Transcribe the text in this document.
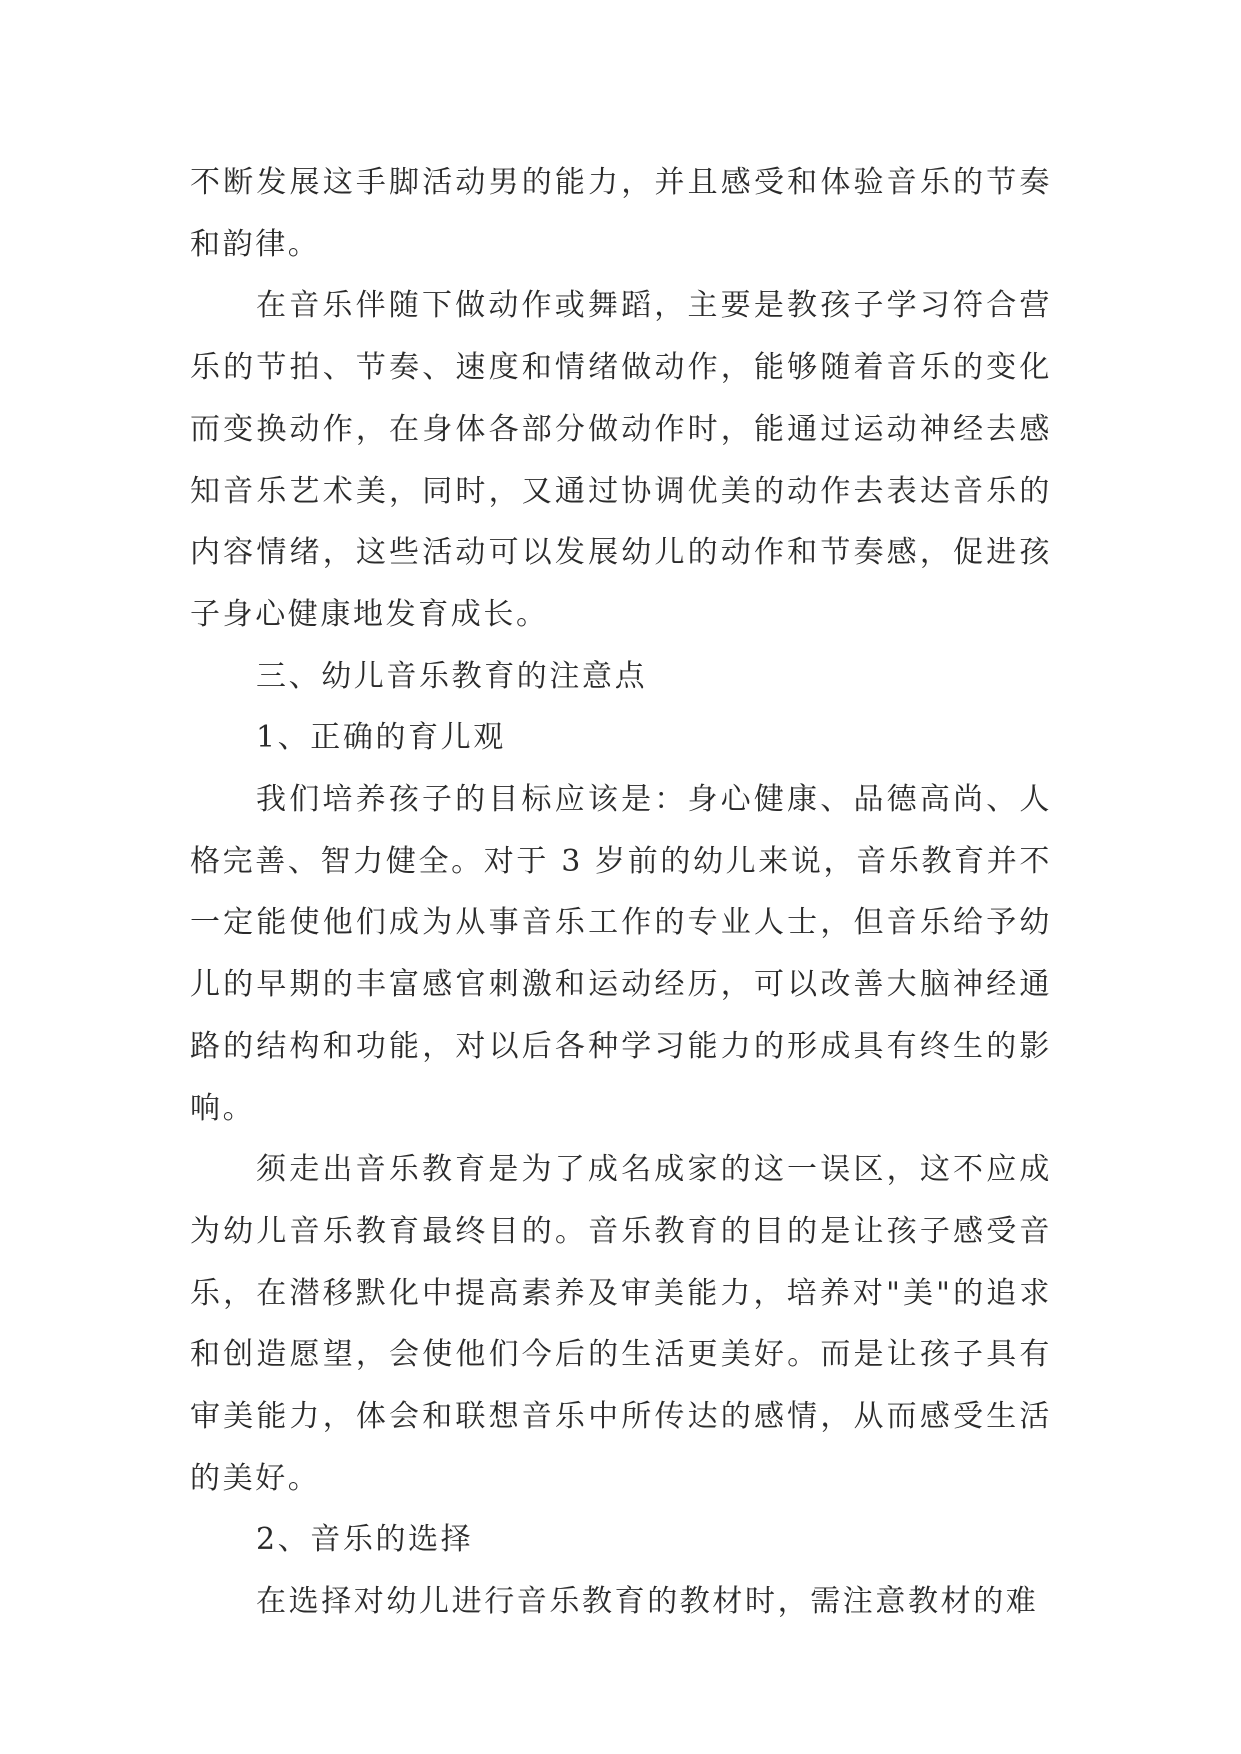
不断发展这手脚活动男的能力，并且感受和体验音乐的节奏和韵律。

在音乐伴随下做动作或舞蹈，主要是教孩子学习符合营乐的节拍、节奏、速度和情绪做动作，能够随着音乐的变化而变换动作，在身体各部分做动作时，能通过运动神经去感知音乐艺术美，同时，又通过协调优美的动作去表达音乐的内容情绪，这些活动可以发展幼儿的动作和节奏感，促进孩子身心健康地发育成长。

三、幼儿音乐教育的注意点

1、正确的育儿观

我们培养孩子的目标应该是：身心健康、品德高尚、人格完善、智力健全。对于 3 岁前的幼儿来说，音乐教育并不一定能使他们成为从事音乐工作的专业人士，但音乐给予幼儿的早期的丰富感官刺激和运动经历，可以改善大脑神经通路的结构和功能，对以后各种学习能力的形成具有终生的影响。

须走出音乐教育是为了成名成家的这一误区，这不应成为幼儿音乐教育最终目的。音乐教育的目的是让孩子感受音乐，在潜移默化中提高素养及审美能力，培养对"美"的追求和创造愿望，会使他们今后的生活更美好。而是让孩子具有审美能力，体会和联想音乐中所传达的感情，从而感受生活的美好。

2、音乐的选择

在选择对幼儿进行音乐教育的教材时，需注意教材的难
